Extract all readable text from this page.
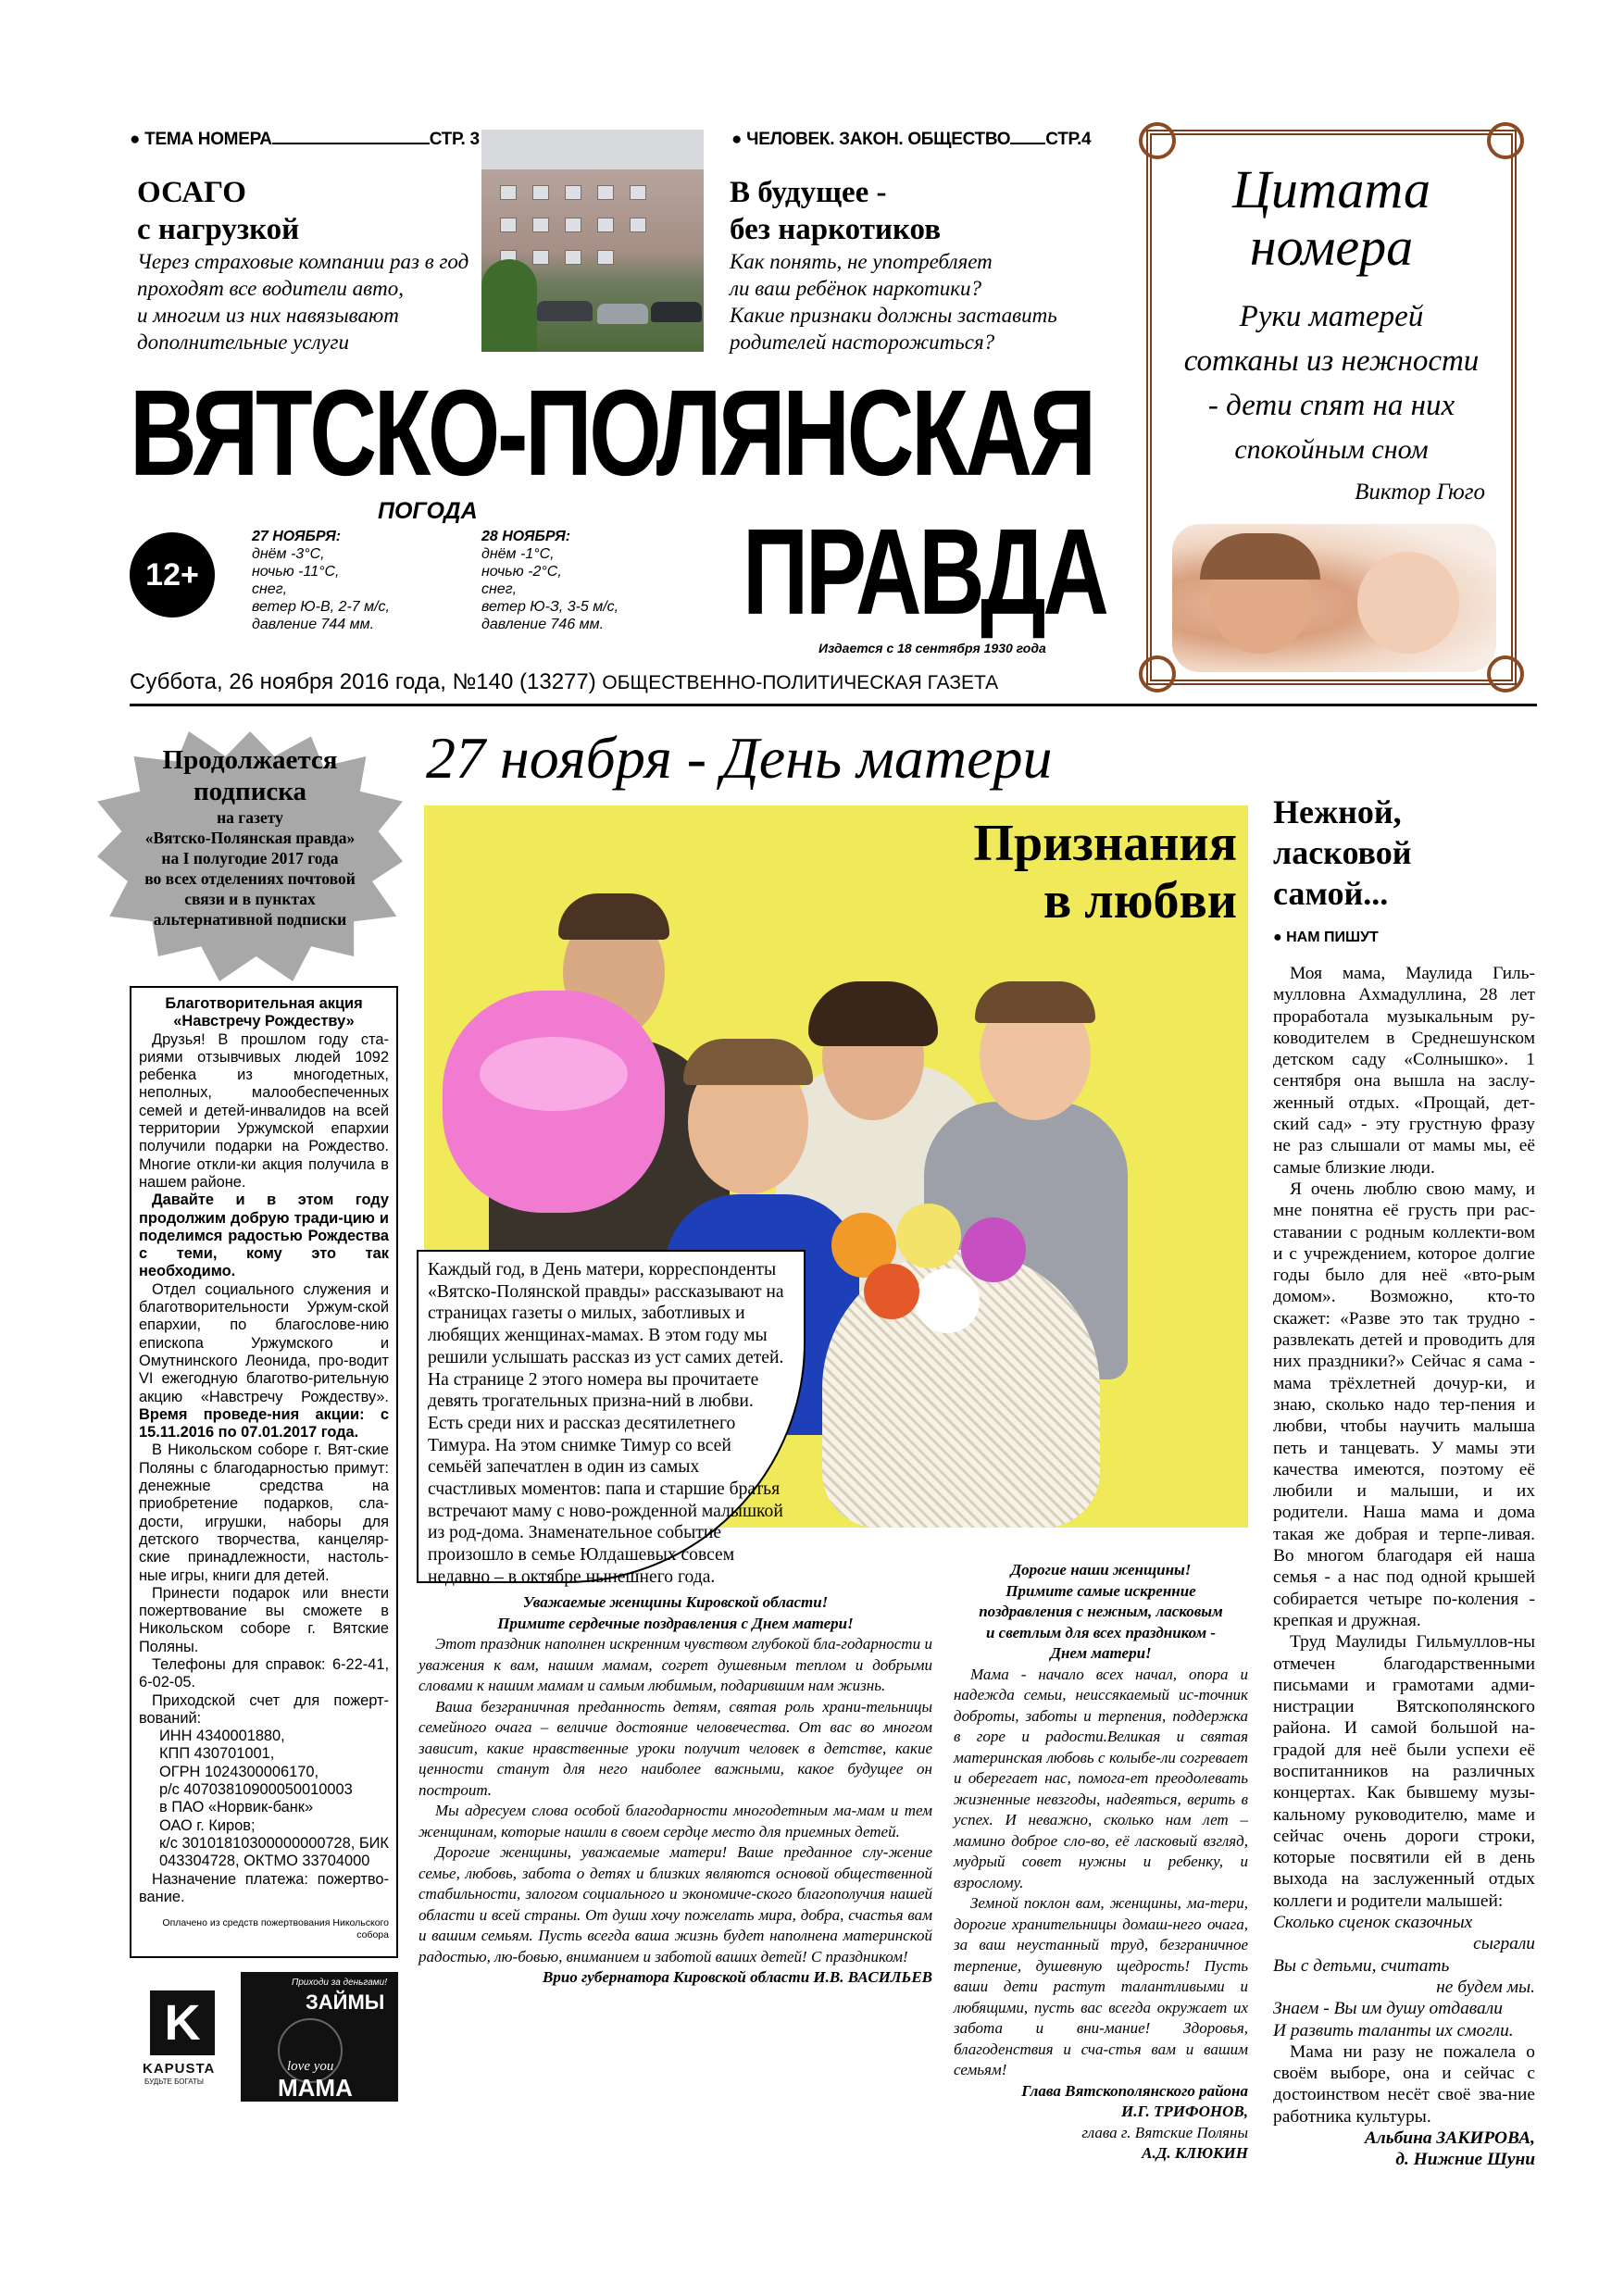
● ТЕМА НОМЕРА	СТР. 3
ОСАГО
с нагрузкой
Через страховые компании раз в год
проходят все водители авто,
и многим из них навязывают
дополнительные услуги
● ЧЕЛОВЕК. ЗАКОН. ОБЩЕСТВО СТР.4
В будущее -
без наркотиков
Как понять, не употребляет
ли ваш ребёнок наркотики?
Какие признаки должны заставить
родителей насторожиться?
Цитата
номера
Руки матерей
сотканы из нежности
- дети спят на них
спокойным сном
Виктор Гюго
ВЯТСКО-ПОЛЯНСКАЯ
ПРАВДА
Издается с 18 сентября 1930 года
12+
ПОГОДА
27 НОЯБРЯ:
днём -3°С,
ночью -11°С,
снег,
ветер Ю-В, 2-7 м/с,
давление 744 мм.
28 НОЯБРЯ:
днём -1°С,
ночью -2°С,
снег,
ветер Ю-З, 3-5 м/с,
давление 746 мм.
Суббота, 26 ноября 2016 года, №140 (13277) ОБЩЕСТВЕННО-ПОЛИТИЧЕСКАЯ ГАЗЕТА
Продолжается
подписка
на газету
«Вятско-Полянская правда»
на I полугодие 2017 года
во всех отделениях почтовой
связи и в пунктах
альтернативной подписки

Благотворительная акция

«Навстречу Рождеству»

Друзья! В прошлом году ста-риями отзывчивых людей 1092 ребенка из многодетных, неполных, малообеспеченных семей и детей-инвалидов на всей территории Уржумской епархии получили подарки на Рождество. Многие откли-ки акция получила в нашем районе.

Давайте и в этом году продолжим добрую тради-цию и поделимся радостью Рождества с теми, кому это так необходимо.

Отдел социального служения и благотворительности Уржум-ской епархии, по благослове-нию епископа Уржумского и Омутнинского Леонида, про-водит VI ежегодную благотво-рительную акцию «Навстречу Рождеству». Время проведе-ния акции: с 15.11.2016 по 07.01.2017 года.

В Никольском соборе г. Вят-ские Поляны с благодарностью примут: денежные средства на приобретение подарков, сла-дости, игрушки, наборы для детского творчества, канцеляр-ские принадлежности, настоль-ные игры, книги для детей.

Принести подарок или внести пожертвование вы сможете в Никольском соборе г. Вятские Поляны.

Телефоны для справок: 6-22-41, 6-02-05.

Приходской счет для пожерт-вований:

ИНН 4340001880,
КПП 430701001,
ОГРН 1024300006170,
р/с 40703810900050010003
в ПАО «Норвик-банк»
ОАО г. Киров;
к/с 30101810300000000728, БИК 043304728, ОКТМО 33704000

Назначение платежа: пожертво-вание.

Оплачено из средств пожертвования Никольского собора

K
KAPUSTA
БУДЬТЕ БОГАТЫ
Приходи за деньгами!
ЗАЙМЫ
love you
МАМА
27 ноября - День матери
Признания
в любви
Каждый год, в День матери, корреспонденты «Вятско-Полянской правды» рассказывают на страницах газеты о милых, заботливых и любящих женщинах-мамах. В этом году мы решили услышать рассказ из уст самих детей. На странице 2 этого номера вы прочитаете девять трогательных призна-ний в любви. Есть среди них и рассказ десятилетнего Тимура. На этом снимке Тимур со всей семьёй запечатлен в один из самых счастливых моментов: папа и старшие братья встречают маму с ново-рожденной малышкой из род-дома. Знаменательное событие произошло в семье Юлдашевых совсем недавно – в октябре нынешнего года.

Уважаемые женщины Кировской области!

Примите сердечные поздравления с Днем матери!

Этот праздник наполнен искренним чувством глубокой бла-годарности и уважения к вам, нашим мамам, согрет душевным теплом и добрыми словами к нашим мамам и самым любимым, подарившим нам жизнь.

Ваша безграничная преданность детям, святая роль храни-тельницы семейного очага – величие достояние человечества. От вас во многом зависит, какие нравственные уроки получит человек в детстве, какие ценности станут для него наиболее важными, какое будущее он построит.

Мы адресуем слова особой благодарности многодетным ма-мам и тем женщинам, которые нашли в своем сердце место для приемных детей.

Дорогие женщины, уважаемые матери! Ваше преданное слу-жение семье, любовь, забота о детях и близких являются основой общественной стабильности, залогом социального и экономиче-ского благополучия нашей области и всей страны. От души хочу пожелать мира, добра, счастья вам и вашим семьям. Пусть всегда ваша жизнь будет наполнена материнской радостью, лю-бовью, вниманием и заботой ваших детей! С праздником!

Врио губернатора Кировской области И.В. ВАСИЛЬЕВ

Дорогие наши женщины!

Примите самые искренние

поздравления с нежным, ласковым

и светлым для всех праздником -

Днем матери!

Мама - начало всех начал, опора и надежда семьи, неиссякаемый ис-точник доброты, заботы и терпения, поддержка в горе и радости.Великая и святая материнская любовь с колыбе-ли согревает и оберегает нас, помога-ет преодолевать жизненные невзгоды, надеяться, верить в успех. И неважно, сколько нам лет – мамино доброе сло-во, её ласковый взгляд, мудрый совет нужны и ребенку, и взрослому.

Земной поклон вам, женщины, ма-тери, дорогие хранительницы домаш-него очага, за ваш неустанный труд, безграничное терпение, душевную щедрость! Пусть ваши дети растут талантливыми и любящими, пусть вас всегда окружает их забота и вни-мание! Здоровья, благоденствия и сча-стья вам и вашим семьям!

Глава Вятскополянского района

И.Г. ТРИФОНОВ,

глава г. Вятские Поляны

А.Д. КЛЮКИН

Нежной,
ласковой
самой...
● НАМ ПИШУТ

Моя мама, Маулида Гиль-мулловна Ахмадуллина, 28 лет проработала музыкальным ру-ководителем в Среднешунском детском саду «Солнышко». 1 сентября она вышла на заслу-женный отдых. «Прощай, дет-ский сад» - эту грустную фразу не раз слышали от мамы мы, её самые близкие люди.

Я очень люблю свою маму, и мне понятна её грусть при рас-ставании с родным коллекти-вом и с учреждением, которое долгие годы было для неё «вто-рым домом». Возможно, кто-то скажет: «Разве это так трудно - развлекать детей и проводить для них праздники?» Сейчас я сама - мама трёхлетней дочур-ки, и знаю, сколько надо тер-пения и любви, чтобы научить малыша петь и танцевать. У мамы эти качества имеются, поэтому её любили и малыши, и их родители. Наша мама и дома такая же добрая и терпе-ливая. Во многом благодаря ей наша семья - а нас под одной крышей собирается четыре по-коления - крепкая и дружная.

Труд Маулиды Гильмуллов-ны отмечен благодарственными письмами и грамотами адми-нистрации Вятскополянского района. И самой большой на-градой для неё были успехи её воспитанников на различных концертах. Как бывшему музы-кальному руководителю, маме и сейчас очень дороги строки, которые посвятили ей в день выхода на заслуженный отдых коллеги и родители малышей:

Сколько сценок сказочных

сыграли

Вы с детьми, считать

не будем мы.

Знаем - Вы им душу отдавали

И развить таланты их смогли.

Мама ни разу не пожалела о своём выборе, она и сейчас с достоинством несёт своё зва-ние работника культуры.

Альбина ЗАКИРОВА,

д. Нижние Шуни
